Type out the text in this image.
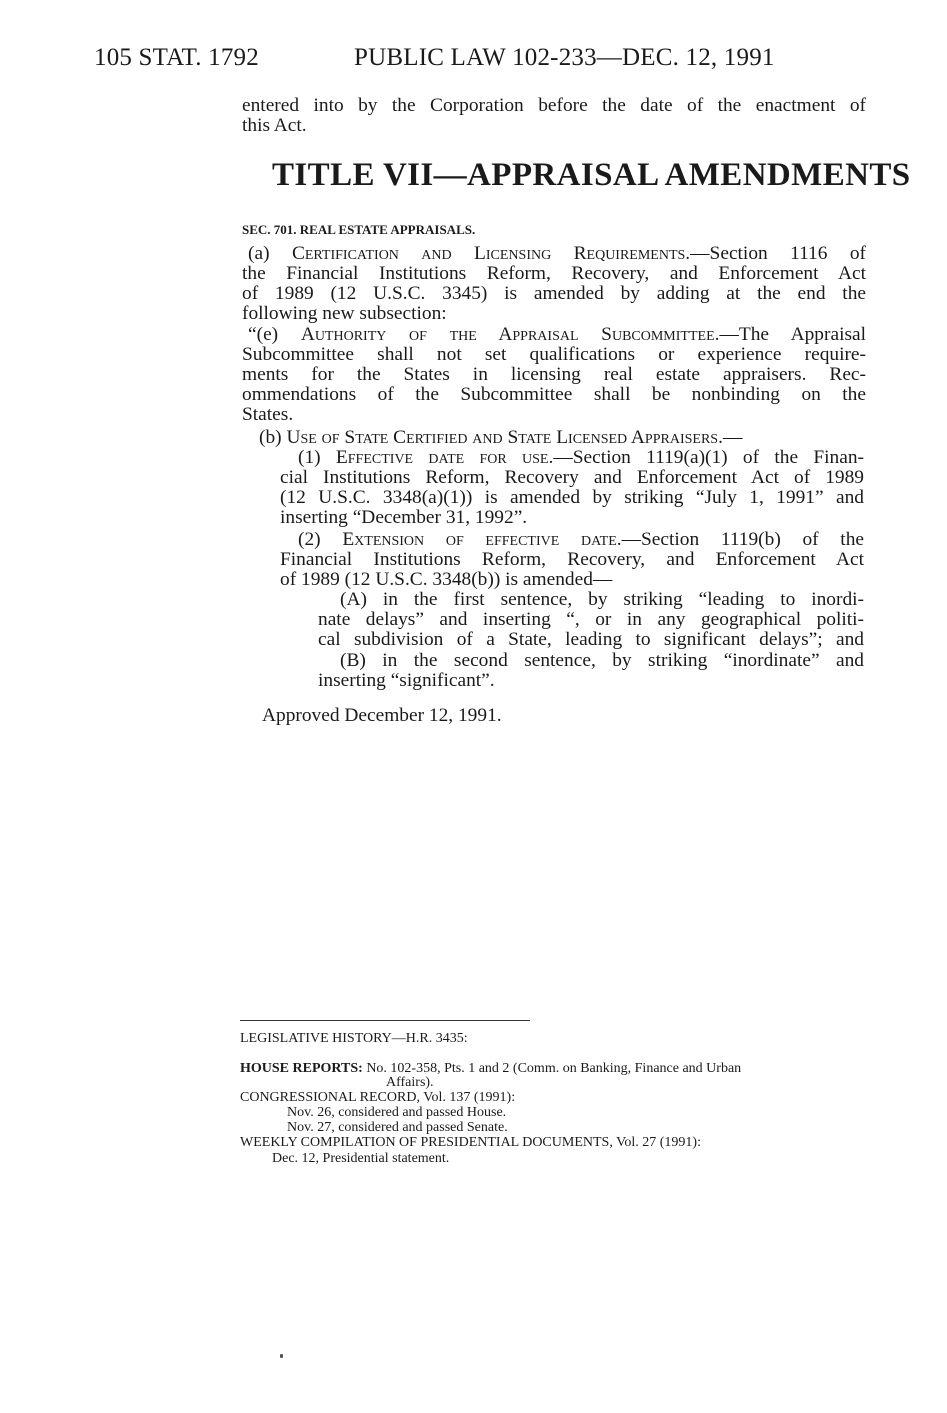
105 STAT. 1792	PUBLIC LAW 102-233—DEC. 12, 1991
entered into by the Corporation before the date of the enactment of
this Act.
TITLE VII—APPRAISAL AMENDMENTS
SEC. 701. REAL ESTATE APPRAISALS.
(a) Certification and Licensing Requirements.—Section 1116 of
the Financial Institutions Reform, Recovery, and Enforcement Act
of 1989 (12 U.S.C. 3345) is amended by adding at the end the
following new subsection:
“(e) Authority of the Appraisal Subcommittee.—The Appraisal
Subcommittee shall not set qualifications or experience require-
ments for the States in licensing real estate appraisers. Rec-
ommendations of the Subcommittee shall be nonbinding on the
States.
(b) Use of State Certified and State Licensed Appraisers.—
(1) Effective date for use.—Section 1119(a)(1) of the Finan-
cial Institutions Reform, Recovery and Enforcement Act of 1989
(12 U.S.C. 3348(a)(1)) is amended by striking “July 1, 1991” and
inserting “December 31, 1992”.
(2) Extension of effective date.—Section 1119(b) of the
Financial Institutions Reform, Recovery, and Enforcement Act
of 1989 (12 U.S.C. 3348(b)) is amended—
(A) in the first sentence, by striking “leading to inordi-
nate delays” and inserting “, or in any geographical politi-
cal subdivision of a State, leading to significant delays”; and
(B) in the second sentence, by striking “inordinate” and
inserting “significant”.
Approved December 12, 1991.
LEGISLATIVE HISTORY—H.R. 3435:
HOUSE REPORTS: No. 102-358, Pts. 1 and 2 (Comm. on Banking, Finance and Urban
Affairs).
CONGRESSIONAL RECORD, Vol. 137 (1991):
Nov. 26, considered and passed House.
Nov. 27, considered and passed Senate.
WEEKLY COMPILATION OF PRESIDENTIAL DOCUMENTS, Vol. 27 (1991):
Dec. 12, Presidential statement.
